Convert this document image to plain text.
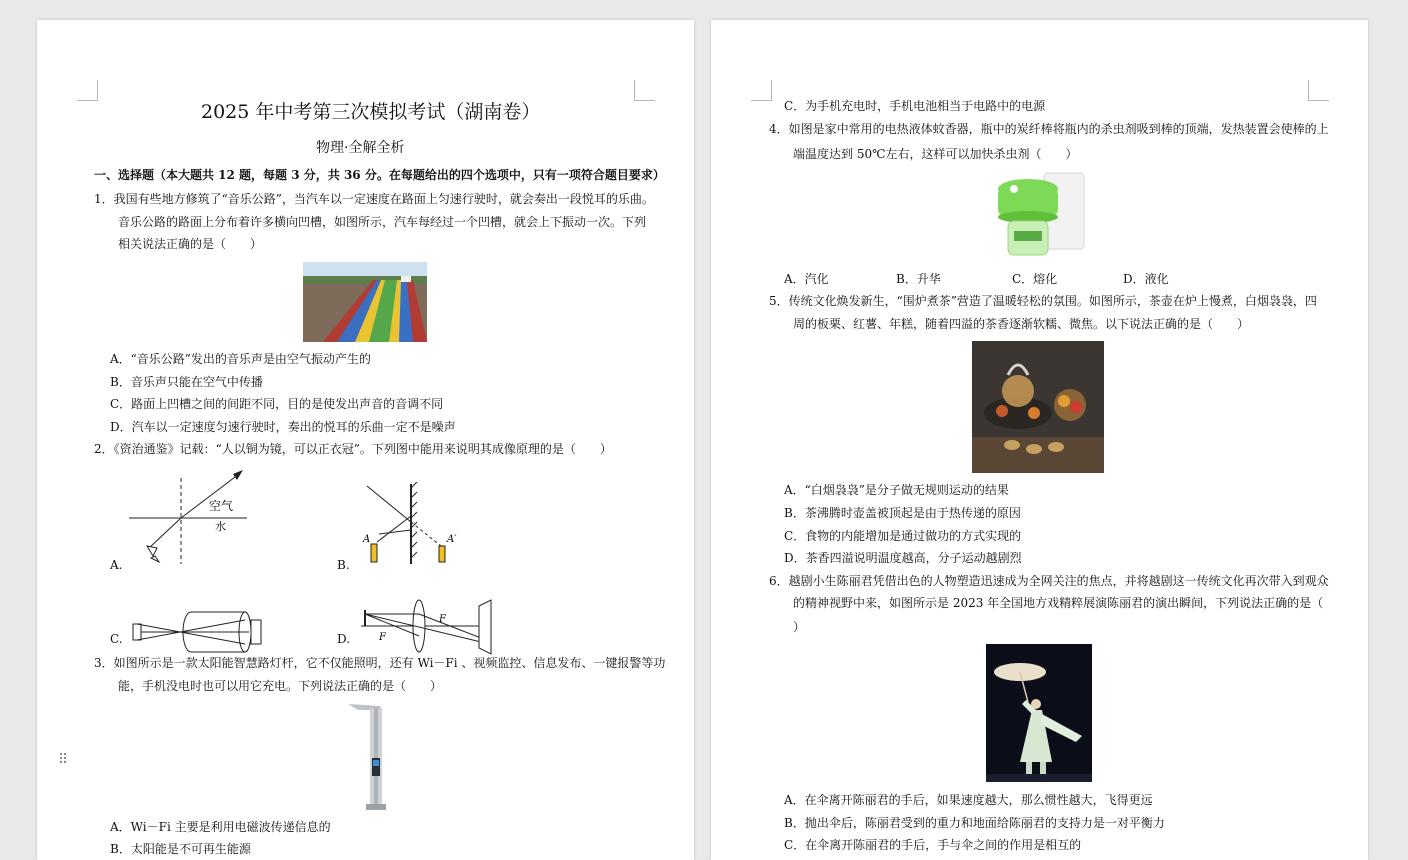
2025 年中考第三次模拟考试（湖南卷）
物理·全解全析
一、选择题（本大题共 12 题，每题 3 分，共 36 分。在每题给出的四个选项中，只有一项符合题目要求）
1．我国有些地方修筑了“音乐公路”，当汽车以一定速度在路面上匀速行驶时，就会奏出一段悦耳的乐曲。
音乐公路的路面上分布着许多横向凹槽，如图所示，汽车每经过一个凹槽，就会上下振动一次。下列
相关说法正确的是（　　）
A．“音乐公路”发出的音乐声是由空气振动产生的
B．音乐声只能在空气中传播
C．路面上凹槽之间的间距不同，目的是使发出声音的音调不同
D．汽车以一定速度匀速行驶时，奏出的悦耳的乐曲一定不是噪声
2．《资治通鉴》记载：“人以铜为镜，可以正衣冠”。下列图中能用来说明其成像原理的是（　　）
空气
水
A	A′
F
F
A.	B.
C.	D.
3．如图所示是一款太阳能智慧路灯杆，它不仅能照明，还有 Wi－Fi 、视频监控、信息发布、一键报警等功
能，手机没电时也可以用它充电。下列说法正确的是（　　）
A．Wi－Fi 主要是利用电磁波传递信息的
B．太阳能是不可再生能源
⠿
C．为手机充电时，手机电池相当于电路中的电源
4．如图是家中常用的电热液体蚊香器，瓶中的炭纤棒将瓶内的杀虫剂吸到棒的顶端，发热装置会使棒的上
端温度达到 50℃左右，这样可以加快杀虫剂（　　）
A．汽化	B．升华	C．熔化	D．液化
5．传统文化焕发新生，“围炉煮茶”营造了温暖轻松的氛围。如图所示，茶壶在炉上慢煮，白烟袅袅，四
周的板栗、红薯、年糕，随着四溢的茶香逐渐软糯、微焦。以下说法正确的是（　　）
A．“白烟袅袅”是分子做无规则运动的结果
B．茶沸腾时壶盖被顶起是由于热传递的原因
C．食物的内能增加是通过做功的方式实现的
D．茶香四溢说明温度越高，分子运动越剧烈
6．越剧小生陈丽君凭借出色的人物塑造迅速成为全网关注的焦点，并将越剧这一传统文化再次带入到观众
的精神视野中来，如图所示是 2023 年全国地方戏精粹展演陈丽君的演出瞬间，下列说法正确的是（
）
A．在伞离开陈丽君的手后，如果速度越大，那么惯性越大，飞得更远
B．抛出伞后，陈丽君受到的重力和地面给陈丽君的支持力是一对平衡力
C．在伞离开陈丽君的手后，手与伞之间的作用是相互的
